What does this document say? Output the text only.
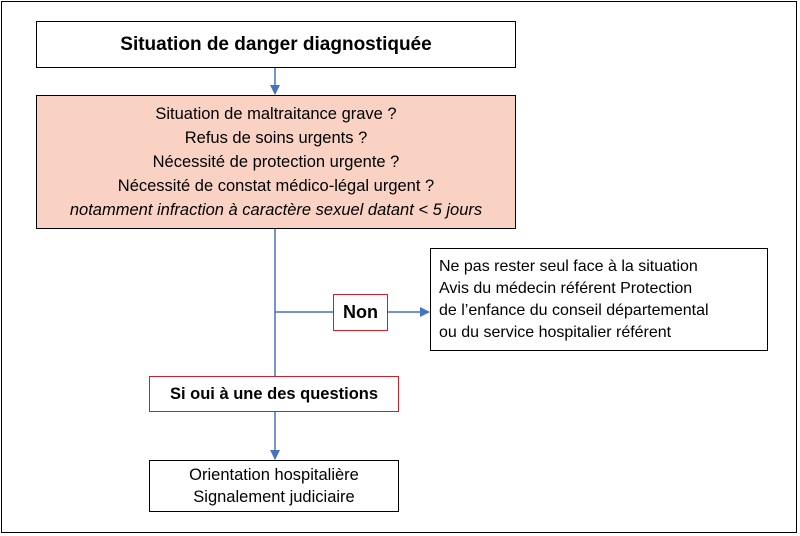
Situation de danger diagnostiquée
Situation de maltraitance grave ?
Refus de soins urgents ?
Nécessité de protection urgente ?
Nécessité de constat médico-légal urgent ?
notamment infraction à caractère sexuel datant < 5 jours
Non
Ne pas rester seul face à la situation
Avis du médecin référent Protection
de l’enfance du conseil départemental
ou du service hospitalier référent
Si oui à une des questions
Orientation hospitalière
Signalement judiciaire
